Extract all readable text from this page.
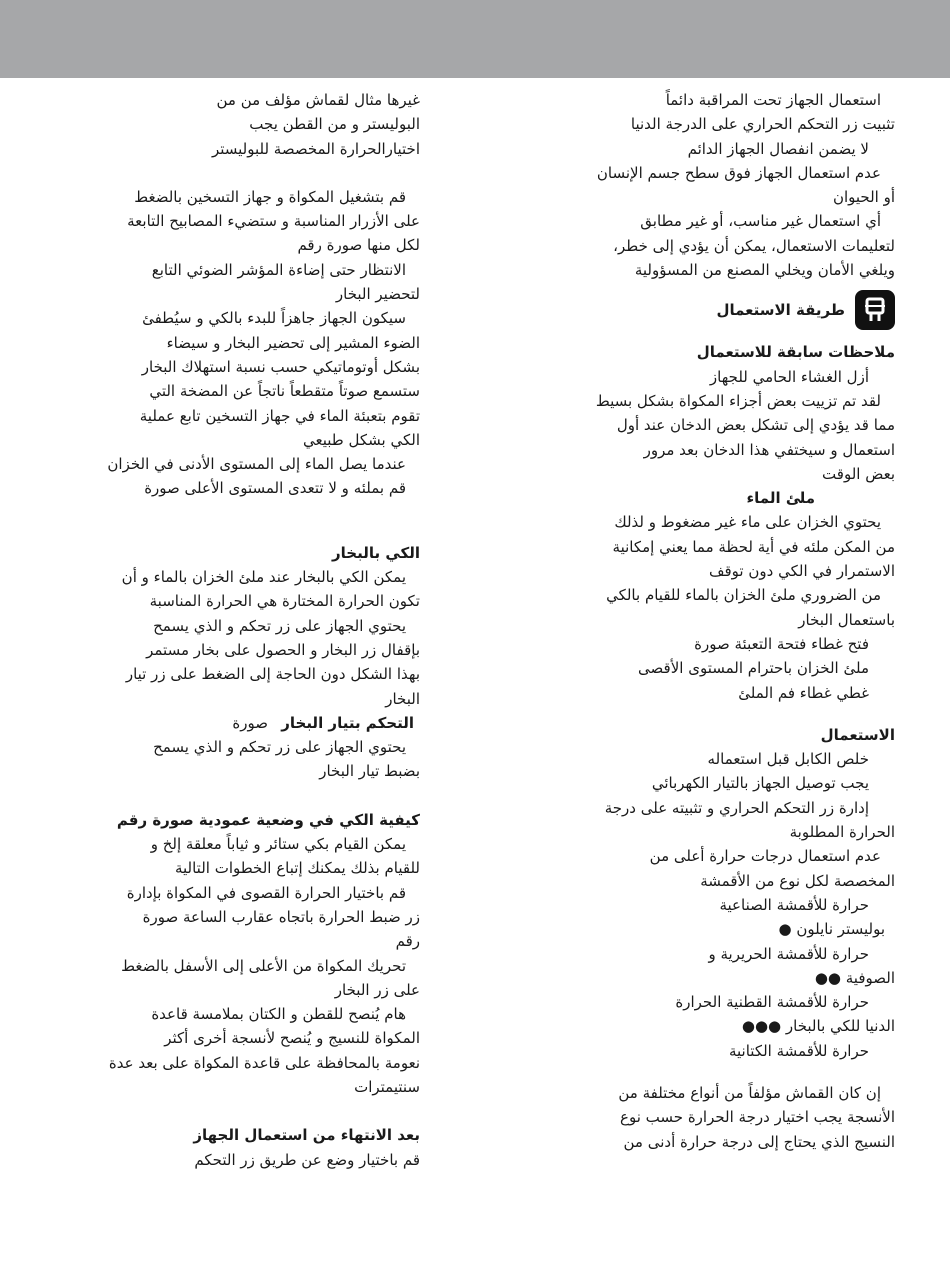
استعمال الجهاز تحت المراقبة دائماً

تثبيت زر التحكم الحراري على الدرجة الدنيا

لا يضمن انفصال الجهاز الدائم

عدم استعمال الجهاز فوق سطح جسم الإنسان

أو الحيوان

أي استعمال غير مناسب، أو غير مطابق

لتعليمات الاستعمال، يمكن أن يؤدي إلى خطر،

ويلغي الأمان ويخلي المصنع من المسؤولية

طريقة الاستعمال

ملاحظات سابقة للاستعمال

أزل الغشاء الحامي للجهاز

لقد تم تزييت بعض أجزاء المكواة بشكل بسيط

مما قد يؤدي إلى تشكل بعض الدخان عند أول

استعمال و سيختفي هذا الدخان بعد مرور

بعض الوقت

ملئ الماء

يحتوي الخزان على ماء غير مضغوط و لذلك

من المكن ملئه في أية لحظة مما يعني إمكانية

الاستمرار في الكي دون توقف

من الضروري ملئ الخزان بالماء للقيام بالكي

باستعمال البخار

فتح غطاء فتحة التعبئة صورة

ملئ الخزان باحترام المستوى الأقصى

غطي غطاء فم الملئ

الاستعمال

خلص الكابل قبل استعماله

يجب توصيل الجهاز بالتيار الكهربائي

إدارة زر التحكم الحراري و تثبيته على درجة

الحرارة المطلوبة

عدم استعمال درجات حرارة أعلى من

المخصصة لكل نوع من الأقمشة

حرارة للأقمشة الصناعية

بوليستر نايلون ●

حرارة للأقمشة الحريرية و

الصوفية ●●

حرارة للأقمشة القطنية الحرارة

الدنيا للكي بالبخار ●●●

حرارة للأقمشة الكتانية

إن كان القماش مؤلفاً من أنواع مختلفة من

الأنسجة يجب اختيار درجة الحرارة حسب نوع

النسيج الذي يحتاج إلى درجة حرارة أدنى من

غيرها مثال لقماش مؤلف من من

البوليستر و من القطن يجب

اختيارالحرارة المخصصة للبوليستر

قم بتشغيل المكواة و جهاز التسخين بالضغط

على الأزرار المناسبة و ستضيء المصابيح التابعة

لكل منها صورة رقم

الانتظار حتى إضاءة المؤشر الضوئي التابع

لتحضير البخار

سيكون الجهاز جاهزاً للبدء بالكي و سيُطفئ

الضوء المشير إلى تحضير البخار و سيضاء

بشكل أوتوماتيكي حسب نسبة استهلاك البخار

ستسمع صوتاً متقطعاً ناتجاً عن المضخة التي

تقوم بتعبئة الماء في جهاز التسخين تابع عملية

الكي بشكل طبيعي

عندما يصل الماء إلى المستوى الأدنى في الخزان

قم بملئه و لا تتعدى المستوى الأعلى صورة

الكي بالبخار

يمكن الكي بالبخار عند ملئ الخزان بالماء و أن

تكون الحرارة المختارة هي الحرارة المناسبة

يحتوي الجهاز على زر تحكم و الذي يسمح

بإقفال زر البخار و الحصول على بخار مستمر

بهذا الشكل دون الحاجة إلى الضغط على زر تيار

البخار

التحكم بتيار البخار صورة

يحتوي الجهاز على زر تحكم و الذي يسمح

بضبط تيار البخار

كيفية الكي في وضعية عمودية صورة رقم

يمكن القيام بكي ستائر و ثياباً معلقة إلخ و

للقيام بذلك يمكنك إتباع الخطوات التالية

قم باختيار الحرارة القصوى في المكواة بإدارة

زر ضبط الحرارة باتجاه عقارب الساعة صورة

رقم

تحريك المكواة من الأعلى إلى الأسفل بالضغط

على زر البخار

هام يُنصح للقطن و الكتان بملامسة قاعدة

المكواة للنسيج و يُنصح لأنسجة أخرى أكثر

نعومة بالمحافظة على قاعدة المكواة على بعد عدة

سنتيمترات

بعد الانتهاء من استعمال الجهاز

قم باختيار وضع عن طريق زر التحكم
